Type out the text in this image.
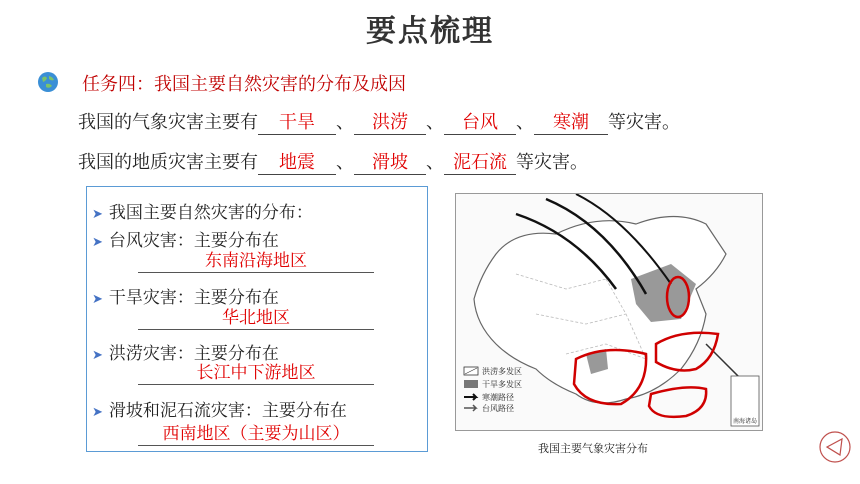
要点梳理
任务四：我国主要自然灾害的分布及成因
我国的气象灾害主要有 干旱 、 洪涝 、 台风 、 寒潮 等灾害。
我国的地质灾害主要有 地震 、 滑坡 、 泥石流 等灾害。
➤ 我国主要自然灾害的分布：
➤ 台风灾害：主要分布在
东南沿海地区
➤ 干旱灾害：主要分布在
华北地区
➤ 洪涝灾害：主要分布在
长江中下游地区
➤ 滑坡和泥石流灾害：主要分布在
西南地区（主要为山区）
洪涝多发区
干旱多发区
寒潮路径
台风路径
南海诸岛
我国主要气象灾害分布
